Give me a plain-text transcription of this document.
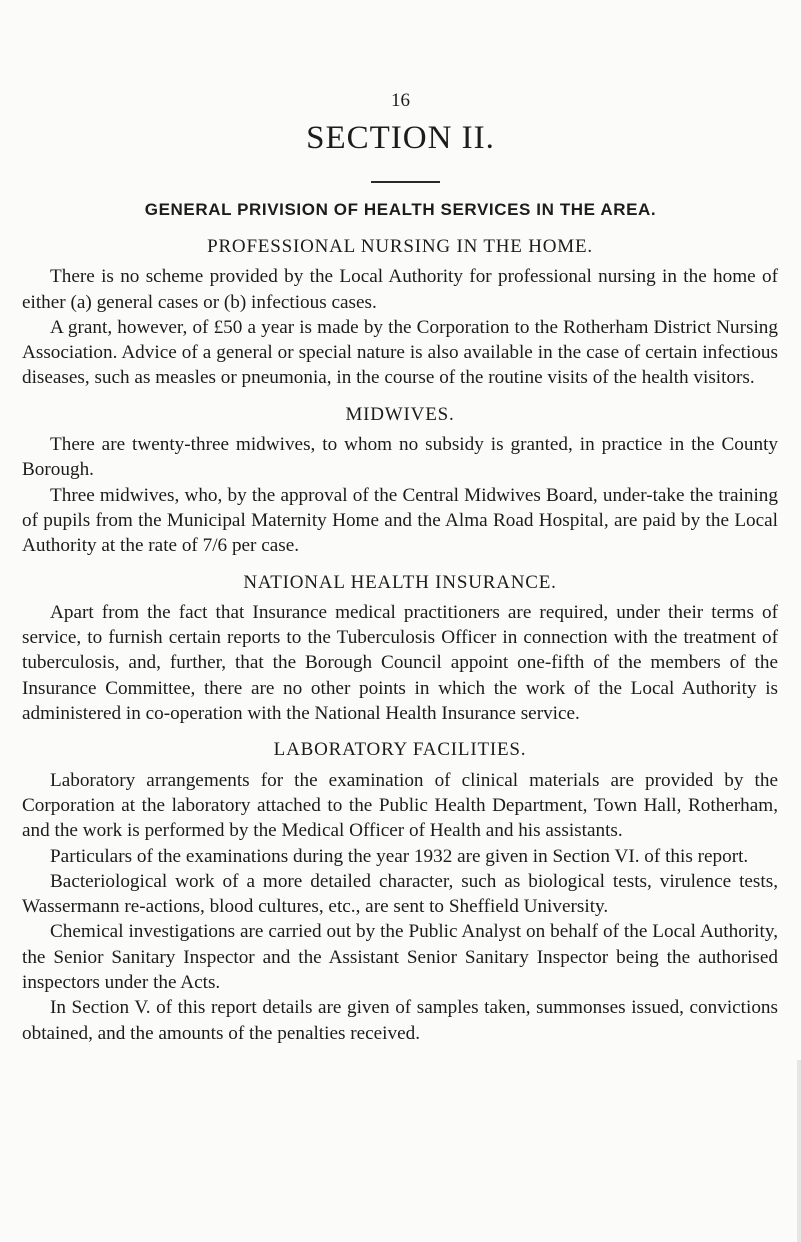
16
SECTION II.
GENERAL PRIVISION OF HEALTH SERVICES IN THE AREA.

PROFESSIONAL NURSING IN THE HOME.

There is no scheme provided by the Local Authority for professional nursing in the home of either (a) general cases or (b) infectious cases.

A grant, however, of £50 a year is made by the Corporation to the Rotherham District Nursing Association. Advice of a general or special nature is also available in the case of certain infectious diseases, such as measles or pneumonia, in the course of the routine visits of the health visitors.

MIDWIVES.

There are twenty-three midwives, to whom no subsidy is granted, in practice in the County Borough.

Three midwives, who, by the approval of the Central Midwives Board, under-take the training of pupils from the Municipal Maternity Home and the Alma Road Hospital, are paid by the Local Authority at the rate of 7/6 per case.

NATIONAL HEALTH INSURANCE.

Apart from the fact that Insurance medical practitioners are required, under their terms of service, to furnish certain reports to the Tuberculosis Officer in connection with the treatment of tuberculosis, and, further, that the Borough Council appoint one-fifth of the members of the Insurance Committee, there are no other points in which the work of the Local Authority is administered in co-operation with the National Health Insurance service.

LABORATORY FACILITIES.

Laboratory arrangements for the examination of clinical materials are provided by the Corporation at the laboratory attached to the Public Health Department, Town Hall, Rotherham, and the work is performed by the Medical Officer of Health and his assistants.

Particulars of the examinations during the year 1932 are given in Section VI. of this report.

Bacteriological work of a more detailed character, such as biological tests, virulence tests, Wassermann re-actions, blood cultures, etc., are sent to Sheffield University.

Chemical investigations are carried out by the Public Analyst on behalf of the Local Authority, the Senior Sanitary Inspector and the Assistant Senior Sanitary Inspector being the authorised inspectors under the Acts.

In Section V. of this report details are given of samples taken, summonses issued, convictions obtained, and the amounts of the penalties received.
